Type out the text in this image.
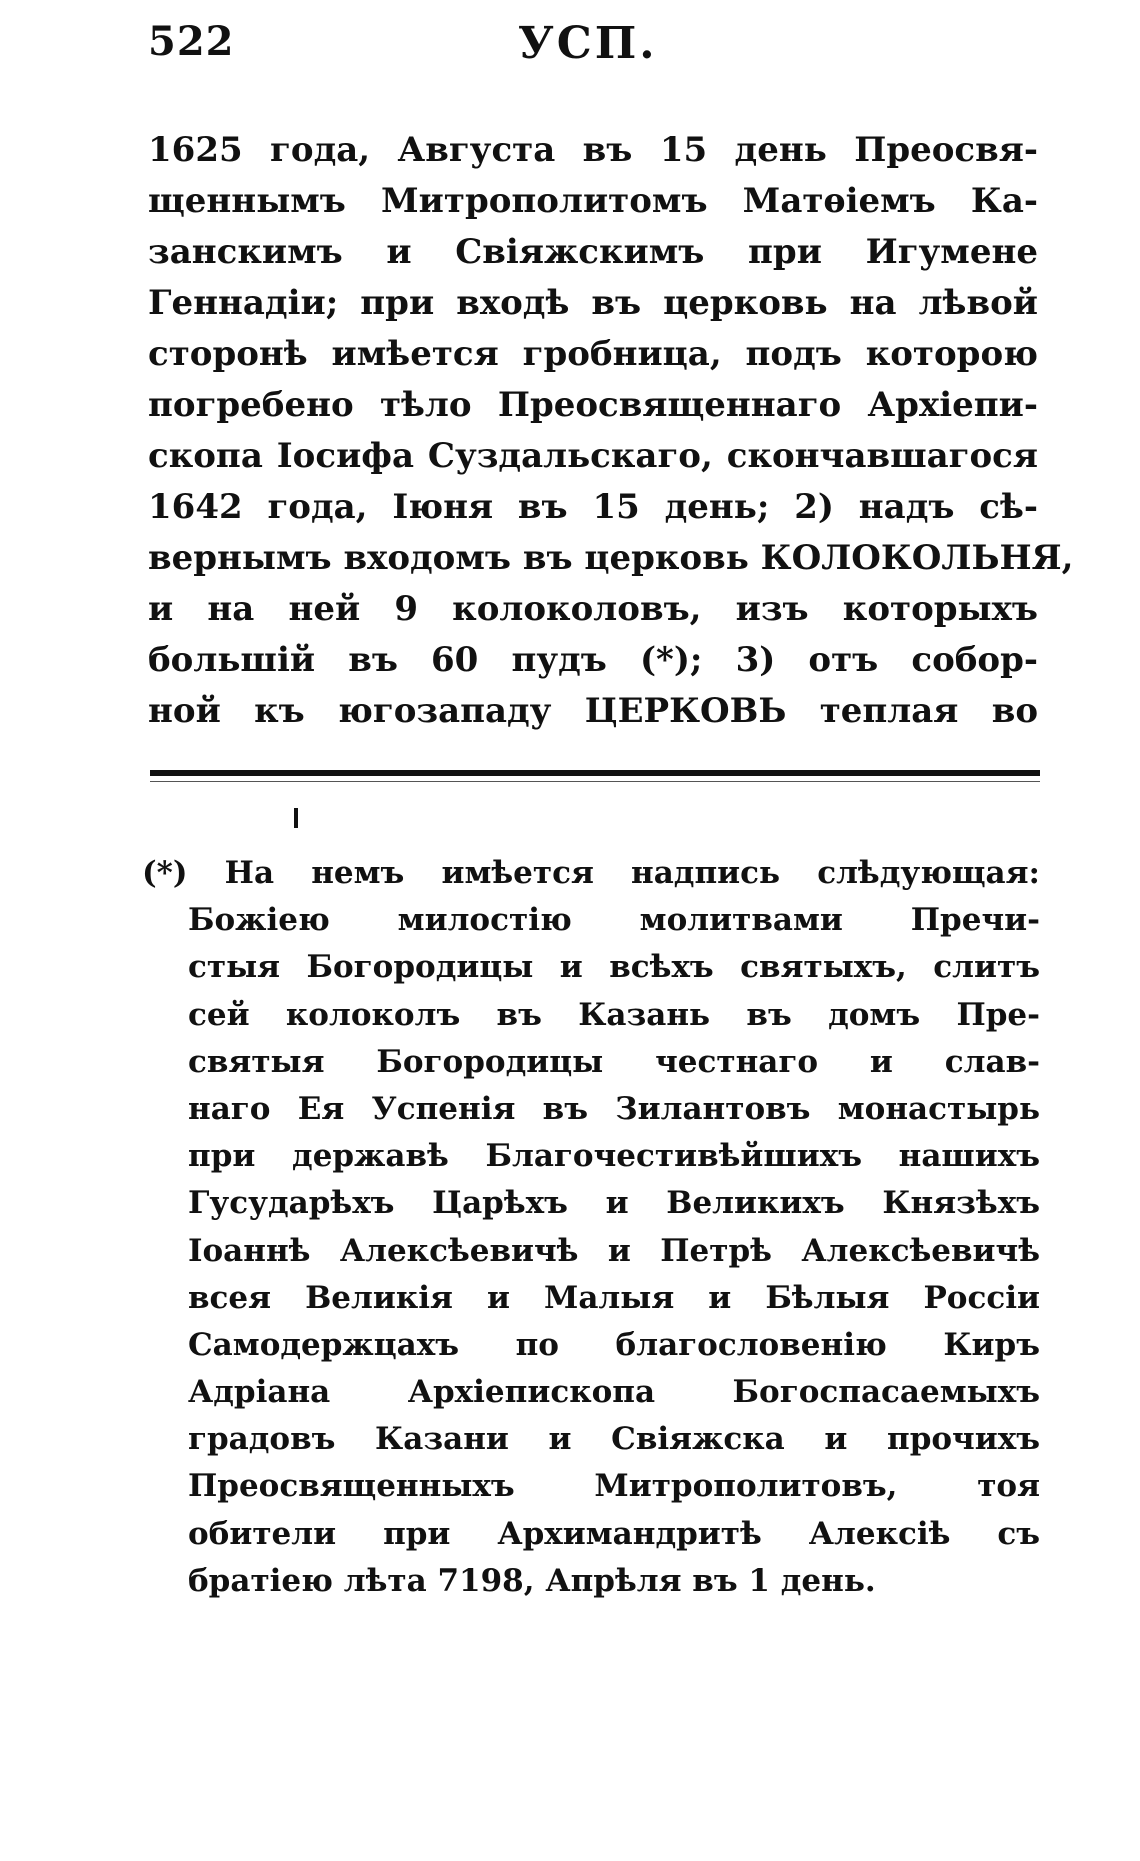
522	УСП.
1625 года, Августа въ 15 день Преосвя-
щеннымъ Митрополитомъ Матѳіемъ Ка-
занскимъ и Свіяжскимъ при Игумене
Геннадіи; при входѣ въ церковь на лѣвой
сторонѣ имѣется гробница, подъ которою
погребено тѣло Преосвященнаго Архіепи-
скопа Іосифа Суздальскаго, скончавшагося
1642 года, Іюня въ 15 день; 2) надъ сѣ-
вернымъ входомъ въ церковь КОЛОКОЛЬНЯ,
и на ней 9 колоколовъ, изъ которыхъ
большій въ 60 пудъ (*); 3) отъ собор-
ной къ югозападу ЦЕРКОВЬ теплая во
(*) На немъ имѣется надпись слѣдующая:
Божіею милостію молитвами Пречи-
стыя Богородицы и всѣхъ святыхъ, слитъ
сей колоколъ въ Казань въ домъ Пре-
святыя Богородицы честнаго и слав-
наго Ея Успенія въ Зилантовъ монастырь
при державѣ Благочестивѣйшихъ нашихъ
Гусударѣхъ Царѣхъ и Великихъ Князѣхъ
Іоаннѣ Алексѣевичѣ и Петрѣ Алексѣевичѣ
всея Великія и Малыя и Бѣлыя Россіи
Самодержцахъ по благословенію Киръ
Адріана Архіепископа Богоспасаемыхъ
градовъ Казани и Свіяжска и прочихъ
Преосвященныхъ Митрополитовъ, тоя
обители при Архимандритѣ Алексіѣ съ
братіею лѣта 7198, Апрѣля въ 1 день.
